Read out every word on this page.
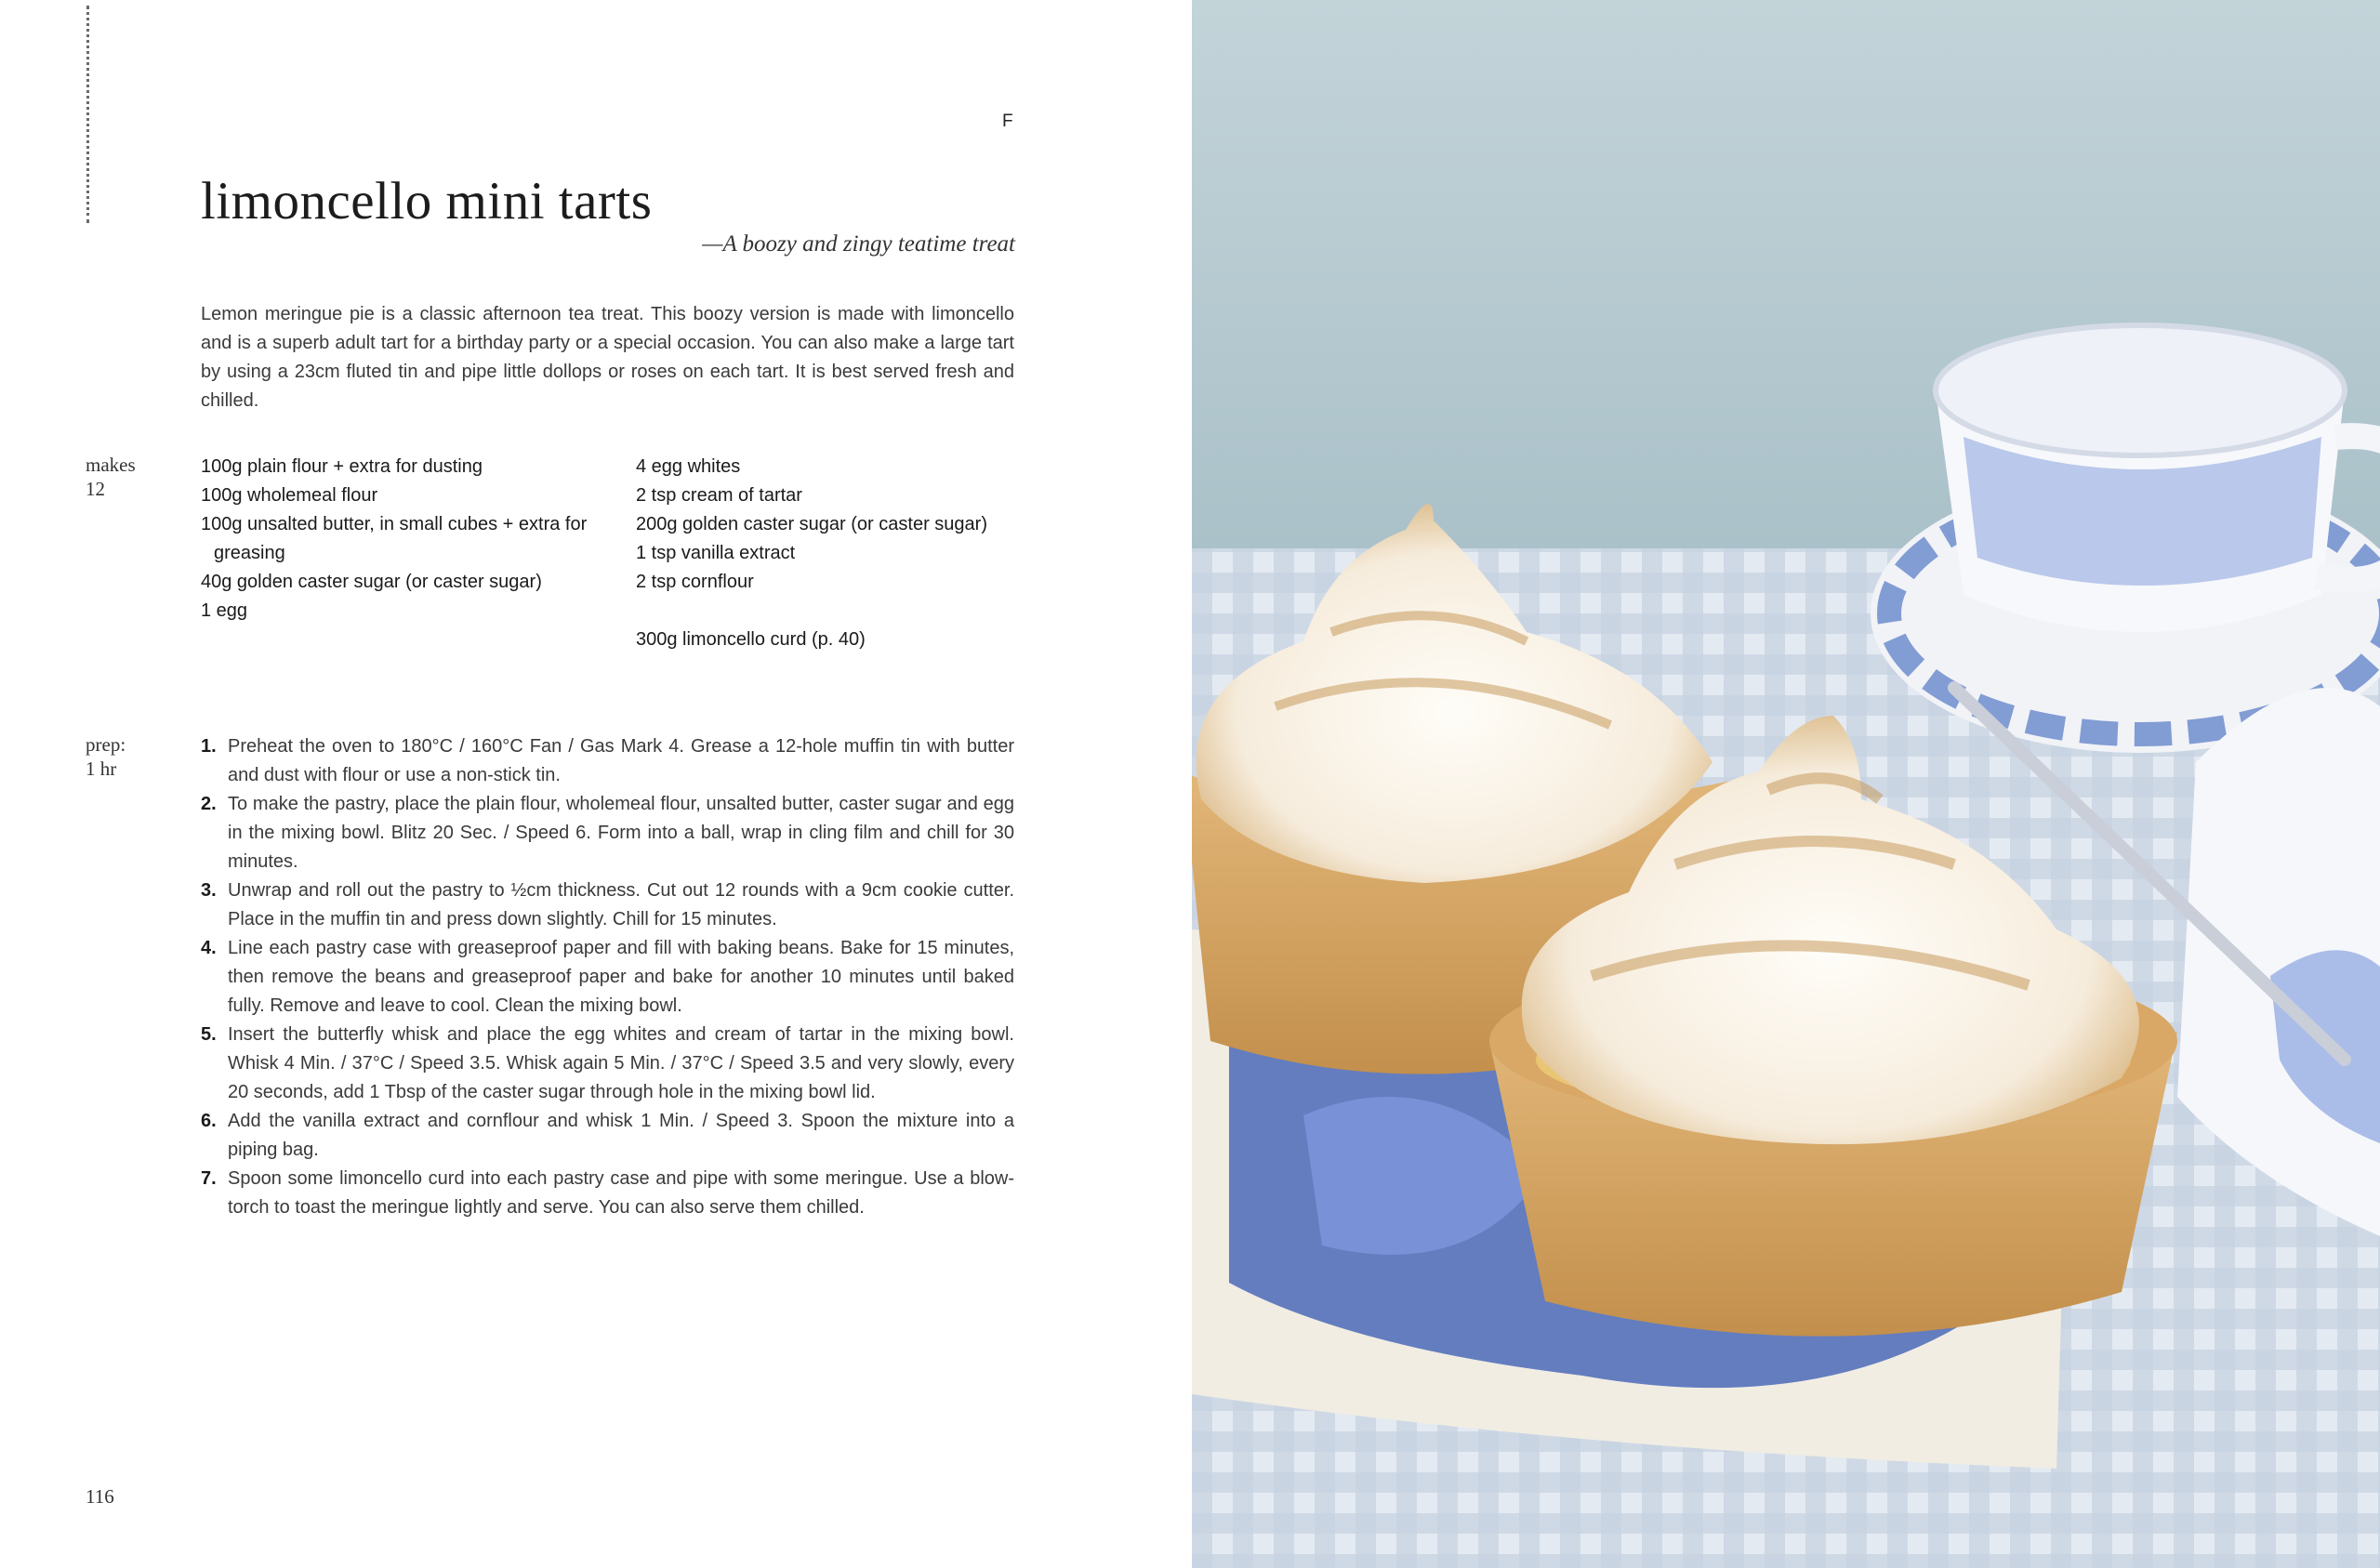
F
limoncello mini tarts
—A boozy and zingy teatime treat

Lemon meringue pie is a classic afternoon tea treat. This boozy version is made with limoncello and is a superb adult tart for a birthday party or a special occasion. You can also make a large tart by using a 23cm fluted tin and pipe little dollops or roses on each tart. It is best served fresh and chilled.

makes
12
100g plain flour + extra for dusting
100g wholemeal flour
100g unsalted butter, in small cubes + extra for greasing
40g golden caster sugar (or caster sugar)
1 egg
4 egg whites
2 tsp cream of tartar
200g golden caster sugar (or caster sugar)
1 tsp vanilla extract
2 tsp cornflour
300g limoncello curd (p. 40)
prep:
1 hr
1. Preheat the oven to 180°C / 160°C Fan / Gas Mark 4. Grease a 12-hole muffin tin with butter and dust with flour or use a non-stick tin.
2. To make the pastry, place the plain flour, wholemeal flour, unsalted butter, caster sugar and egg in the mixing bowl. Blitz 20 Sec. / Speed 6. Form into a ball, wrap in cling film and chill for 30 minutes.
3. Unwrap and roll out the pastry to ½cm thickness. Cut out 12 rounds with a 9cm cookie cutter. Place in the muffin tin and press down slightly. Chill for 15 minutes.
4. Line each pastry case with greaseproof paper and fill with baking beans. Bake for 15 minutes, then remove the beans and greaseproof paper and bake for another 10 minutes until baked fully. Remove and leave to cool. Clean the mixing bowl.
5. Insert the butterfly whisk and place the egg whites and cream of tartar in the mixing bowl. Whisk 4 Min. / 37°C / Speed 3.5. Whisk again 5 Min. / 37°C / Speed 3.5 and very slowly, every 20 seconds, add 1 Tbsp of the caster sugar through hole in the mixing bowl lid.
6. Add the vanilla extract and cornflour and whisk 1 Min. / Speed 3. Spoon the mixture into a piping bag.
7. Spoon some limoncello curd into each pastry case and pipe with some meringue. Use a blow-torch to toast the meringue lightly and serve. You can also serve them chilled.
116
